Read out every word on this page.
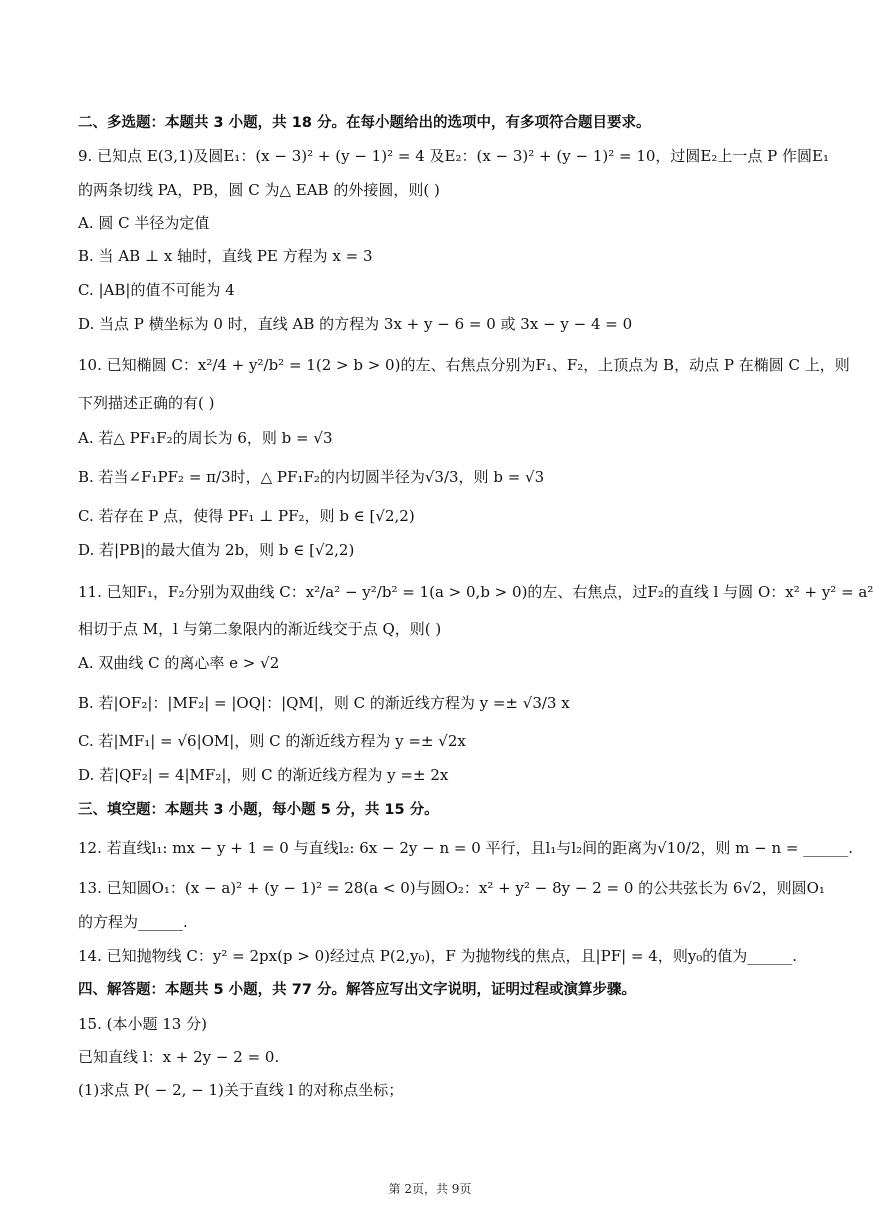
二、多选题：本题共 3 小题，共 18 分。在每小题给出的选项中，有多项符合题目要求。
9. 已知点 E(3,1)及圆E₁：(x − 3)² + (y − 1)² = 4 及E₂：(x − 3)² + (y − 1)² = 10，过圆E₂上一点 P 作圆E₁
的两条切线 PA，PB，圆 C 为△ EAB 的外接圆，则( )
A. 圆 C 半径为定值
B. 当 AB ⊥ x 轴时，直线 PE 方程为 x = 3
C. |AB|的值不可能为 4
D. 当点 P 横坐标为 0 时，直线 AB 的方程为 3x + y − 6 = 0 或 3x − y − 4 = 0
10. 已知椭圆 C：x²/4 + y²/b² = 1(2 > b > 0)的左、右焦点分别为F₁、F₂，上顶点为 B，动点 P 在椭圆 C 上，则
下列描述正确的有( )
A. 若△ PF₁F₂的周长为 6，则 b = √3
B. 若当∠F₁PF₂ = π/3时，△ PF₁F₂的内切圆半径为√3/3，则 b = √3
C. 若存在 P 点，使得 PF₁ ⊥ PF₂，则 b ∈ [√2,2)
D. 若|PB|的最大值为 2b，则 b ∈ [√2,2)
11. 已知F₁，F₂分别为双曲线 C：x²/a² − y²/b² = 1(a > 0,b > 0)的左、右焦点，过F₂的直线 l 与圆 O：x² + y² = a²
相切于点 M，l 与第二象限内的渐近线交于点 Q，则( )
A. 双曲线 C 的离心率 e > √2
B. 若|OF₂|：|MF₂| = |OQ|：|QM|，则 C 的渐近线方程为 y =± √3/3 x
C. 若|MF₁| = √6|OM|，则 C 的渐近线方程为 y =± √2x
D. 若|QF₂| = 4|MF₂|，则 C 的渐近线方程为 y =± 2x
三、填空题：本题共 3 小题，每小题 5 分，共 15 分。
12. 若直线l₁: mx − y + 1 = 0 与直线l₂: 6x − 2y − n = 0 平行，且l₁与l₂间的距离为√10/2，则 m − n = ______.
13. 已知圆O₁：(x − a)² + (y − 1)² = 28(a < 0)与圆O₂：x² + y² − 8y − 2 = 0 的公共弦长为 6√2，则圆O₁
的方程为______.
14. 已知抛物线 C：y² = 2px(p > 0)经过点 P(2,y₀)，F 为抛物线的焦点，且|PF| = 4，则y₀的值为______.
四、解答题：本题共 5 小题，共 77 分。解答应写出文字说明，证明过程或演算步骤。
15. (本小题 13 分)
已知直线 l：x + 2y − 2 = 0.
(1)求点 P( − 2, − 1)关于直线 l 的对称点坐标；
第 2页，共 9页
